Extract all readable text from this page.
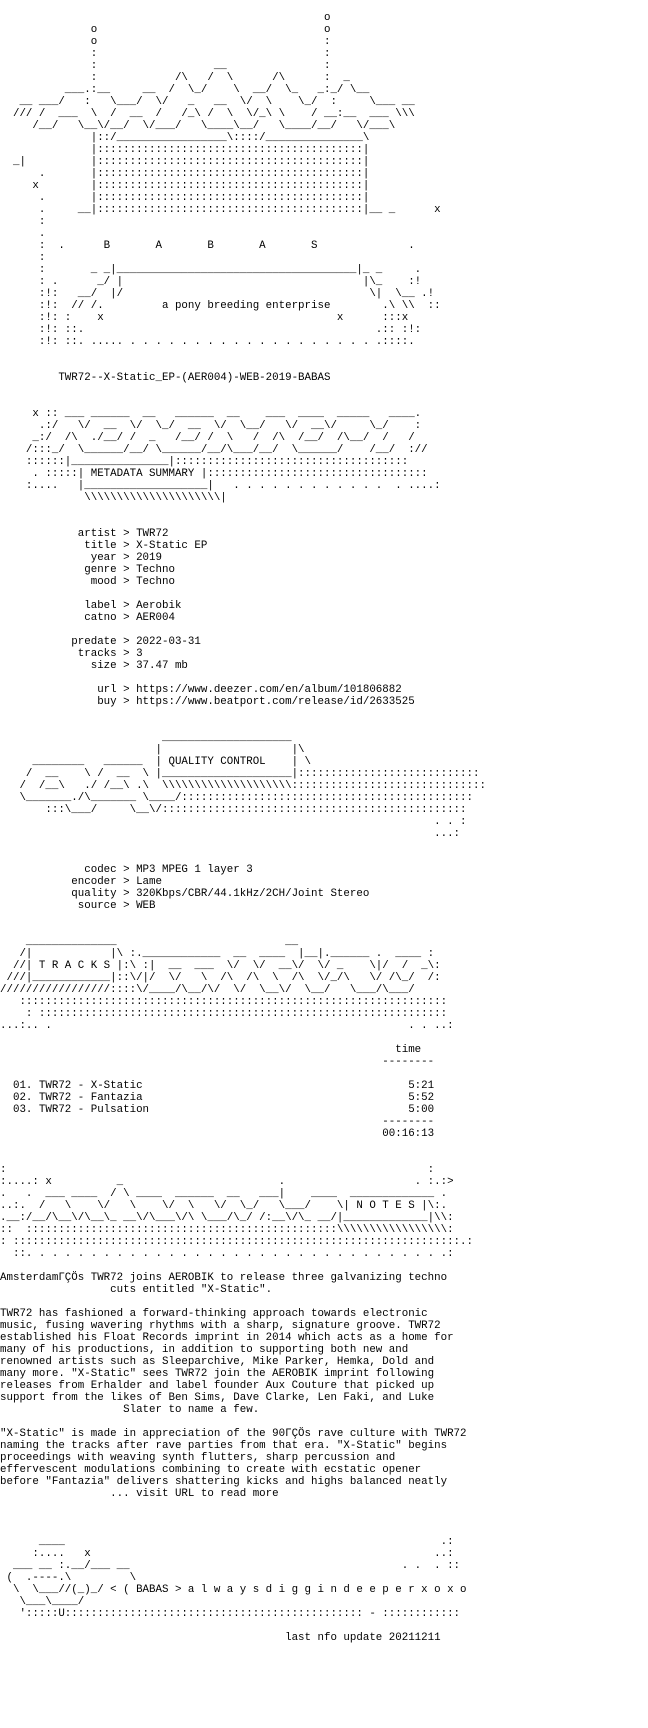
o
o                                   o
o                                   :
:                                   :
:                  __               :
:            /\   /  \      /\      :  _
___.:__     __  /  \_/    \  __/  \_   _:_/ \__
__ ___/   :   \___/  \/   _   __  \/  \    \_/  :     \___ __
/// /  ___  \  /  __  /   /_\ /  \  \/_\ \    / __:__  ___ \\\
/__/   \__\/__/  \/___/   \____\__/   \____/__/   \/___\
|::/_________________\::::/_______________\
|:::::::::::::::::::::::::::::::::::::::::|
_|          |:::::::::::::::::::::::::::::::::::::::::|
.       |:::::::::::::::::::::::::::::::::::::::::|
x        |:::::::::::::::::::::::::::::::::::::::::|
.       |:::::::::::::::::::::::::::::::::::::::::|
.     __|:::::::::::::::::::::::::::::::::::::::::|__ _      x
:
.
:  .      B       A       B       A       S              .
:
:       _ _|_____________________________________|_ _     .
: .      _/ |                                     |\_    :!
:!:   __/  |/                                      \|  \__ .!
:!:  // /.         a pony breeding enterprise        .\ \\  ::
:!: :    x                                    x      :::x
:!: ::.                                             .:: :!:
:!: ::. ..... . . . . . . . . . . . . . . . . . . . .::::.

TWR72--X-Static_EP-(AER004)-WEB-2019-BABAS

x :: ___ ______  __   ______  __    ___  ____  _____   ____.
.:/   \/  __  \/  \_/  __  \/  \__/   \/  __\/     \_/    :
_:/  /\  ./__/ /  _   /__/ /  \   /  /\  /__/  /\__/  /   /
/:::_/  \______/__/ \______/__/\___/__/  \______/    /__/  ://
::::::|_______________|::::::::::::::::::::::::::::::::::::
. :::::| METADATA SUMMARY |::::::::::::::::::::::::::::::::::
:....   |___________________|   . . . . . . . . . . . .  . ....:
\\\\\\\\\\\\\\\\\\\\\|

artist > TWR72
title > X-Static EP
year > 2019
genre > Techno
mood > Techno

label > Aerobik
catno > AER004

predate > 2022-03-31
tracks > 3
size > 37.47 mb

url > https://www.deezer.com/en/album/101806882
buy > https://www.beatport.com/release/id/2633525

____________________
|                    |\
________   ______  | QUALITY CONTROL    | \
/  __    \ /  __  \ |____________________|::::::::::::::::::::::::::::
/  /__\   ./ /__\ .\  \\\\\\\\\\\\\\\\\\\\::::::::::::::::::::::::::::::
\_______./\_______ \____/:::::::::::::::::::::::::::::::::::::::::::::
:::\___/     \__\/:::::::::::::::::::::::::::::::::::::::::::::::
. . :
...:

codec > MP3 MPEG 1 layer 3
encoder > Lame
quality > 320Kbps/CBR/44.1kHz/2CH/Joint Stereo
source > WEB

______________                          __
/|            |\ :.____________  __  ____  |__|.______ .  ____ :
//| T R A C K S |:\ :|  __  ___  \/  \/  __\/  \/ _    \|/  /  _\:
///|____________|::\/|/  \/   \  /\  /\  \  /\  \/_/\   \/ /\_/  /:
/////////////////::::\/____/\__/\/  \/  \__\/  \__/   \___/\___/
::::::::::::::::::::::::::::::::::::::::::::::::::::::::::::::::::
: :::::::::::::::::::::::::::::::::::::::::::::::::::::::::::::::
...:.. .                                                       . . ..:

time
--------

01. TWR72 - X-Static                                         5:21
02. TWR72 - Fantazia                                         5:52
03. TWR72 - Pulsation                                        5:00
--------
00:16:13

:                                                                 :
:....: x          _                        .                    . :.:>
.   .  ___ ____  / \ ____  ______  __   ___|    ____  _____________ .
..:.  /   \    \/   \    \/  \   \/  \_/   \___/    \| N O T E S |\:.
.__:/__/\__\/\__\_ __\/\___\/\ \___/\_/ /:__\/\_ __/|_____________|\\:
::  ::::::::::::::::::::::::::::::::::::::::::::::::\\\\\\\\\\\\\\\\\:
: :::::::::::::::::::::::::::::::::::::::::::::::::::::::::::::::::::::.:
::. . . . . . . . . . . . . . . . . . . . . . . . . . . . . . . . .:

AmsterdamΓÇÖs TWR72 joins AEROBIK to release three galvanizing techno
cuts entitled "X-Static".

TWR72 has fashioned a forward-thinking approach towards electronic
music, fusing wavering rhythms with a sharp, signature groove. TWR72
established his Float Records imprint in 2014 which acts as a home for
many of his productions, in addition to supporting both new and
renowned artists such as Sleeparchive, Mike Parker, Hemka, Dold and
many more. "X-Static" sees TWR72 join the AEROBIK imprint following
releases from Erhalder and label founder Aux Couture that picked up
support from the likes of Ben Sims, Dave Clarke, Len Faki, and Luke
Slater to name a few.

"X-Static" is made in appreciation of the 90ΓÇÖs rave culture with TWR72
naming the tracks after rave parties from that era. "X-Static" begins
proceedings with weaving synth flutters, sharp percussion and
effervescent modulations combining to create with ecstatic opener
before "Fantazia" delivers shattering kicks and highs balanced neatly
... visit URL to read more

____                                                          .:
:....   x                                                     ..:
___ __ :.__/___ __                                          . .  . ::
(  .----.\         \
\  \___//(_)_/ < ( BABAS > a l w a y s d i g g i n d e e p e r x o x o
\___\____/
':::::U:::::::::::::::::::::::::::::::::::::::::::::: - ::::::::::::

last nfo update 20211211
